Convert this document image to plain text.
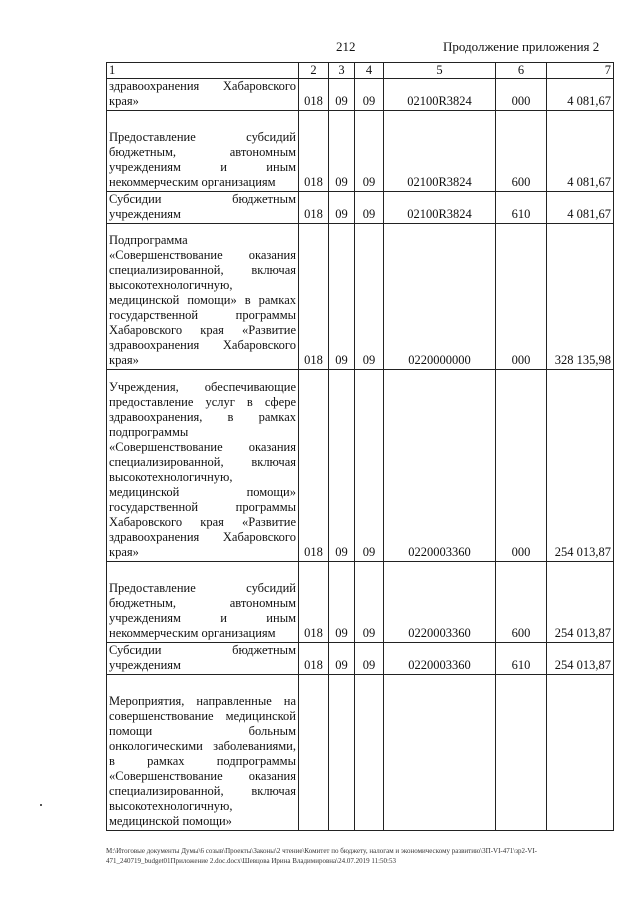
212	Продолжение приложения 2
1	2	3	4	5	6	7
здравоохранения Хабаровского края»	018	09	09	02100R3824	000	4 081,67
Предоставление субсидий бюджетным, автономным учреждениям и иным некоммерческим организациям	018	09	09	02100R3824	600	4 081,67
Субсидии бюджетным учреждениям	018	09	09	02100R3824	610	4 081,67
Подпрограмма «Совершенствование оказания специализированной, включая высокотехнологичную, медицинской помощи» в рамках государственной программы Хабаровского края «Развитие здравоохранения Хабаровского края»	018	09	09	0220000000	000	328 135,98
Учреждения, обеспечивающие предоставление услуг в сфере здравоохранения, в рамках подпрограммы «Совершенствование оказания специализированной, включая высокотехнологичную, медицинской помощи» государственной программы Хабаровского края «Развитие здравоохранения Хабаровского края»	018	09	09	0220003360	000	254 013,87
Предоставление субсидий бюджетным, автономным учреждениям и иным некоммерческим организациям	018	09	09	0220003360	600	254 013,87
Субсидии бюджетным учреждениям	018	09	09	0220003360	610	254 013,87
Мероприятия, направленные на совершенствование медицинской помощи больным онкологическими заболеваниями, в рамках подпрограммы «Совершенствование оказания специализированной, включая высокотехнологичную, медицинской помощи»						
M:\Итоговые документы Думы\6 созыв\Проекты\Законы\2 чтение\Комитет по бюджету, налогам и экономическому развитию\3П-VI-471\зр2-VI-471_240719_budget01Приложение 2.doc.docx\Шевцова Ирина Владимировна\24.07.2019 11:50:53
